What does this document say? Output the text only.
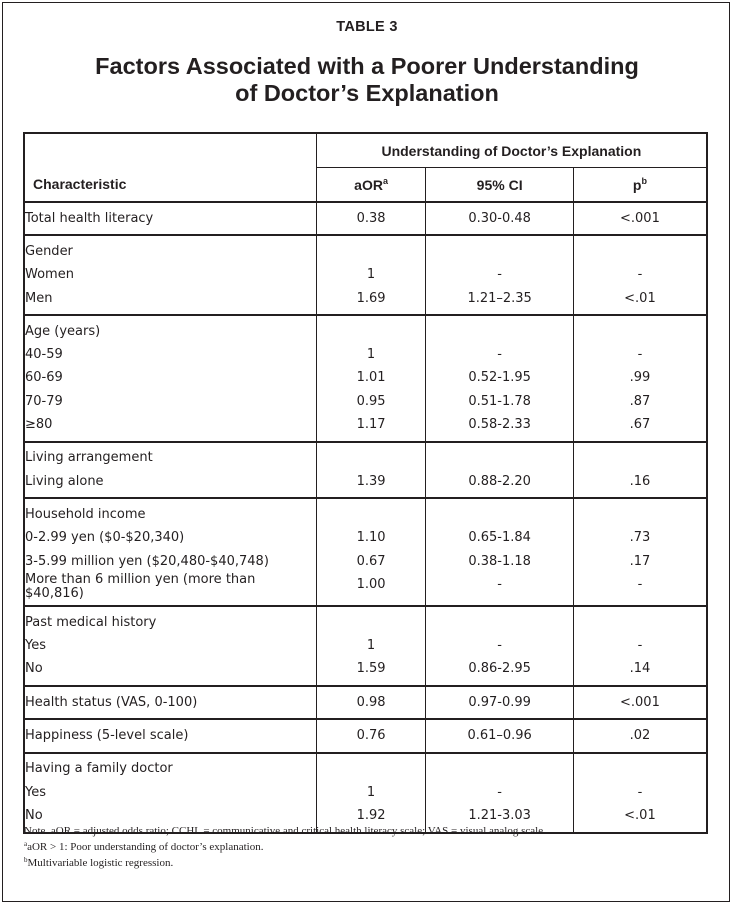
TABLE 3
Factors Associated with a Poorer Understanding
of Doctor’s Explanation
	Understanding of Doctor’s Explanation		
Characteristic	aOR$^a$	95% CI	$p^b$
Total health literacy	0.38	0.30-0.48	<.001
Gender			
Women	1	-	-
Men	1.69	1.21–2.35	<.01
Age (years)			
40-59	1	-	-
60-69	1.01	0.52-1.95	.99
70-79	0.95	0.51-1.78	.87
≥80	1.17	0.58-2.33	.67
Living arrangement			
Living alone	1.39	0.88-2.20	.16
Household income			
0-2.99 yen ($0-$20,340)	1.10	0.65-1.84	.73
3-5.99 million yen ($20,480-$40,748)	0.67	0.38-1.18	.17
More than 6 million yen (more than $40,816)	1.00	-	-
Past medical history			
Yes	1	-	-
No	1.59	0.86-2.95	.14
Health status (VAS, 0-100)	0.98	0.97-0.99	<.001
Happiness (5-level scale)	0.76	0.61–0.96	.02
Having a family doctor			
Yes	1	-	-
No	1.92	1.21-3.03	<.01
Note. aOR = adjusted odds ratio; CCHL = communicative and critical health literacy scale; VAS = visual analog scale.
$^a$aOR > 1: Poor understanding of doctor’s explanation.
$^b$Multivariable logistic regression.
